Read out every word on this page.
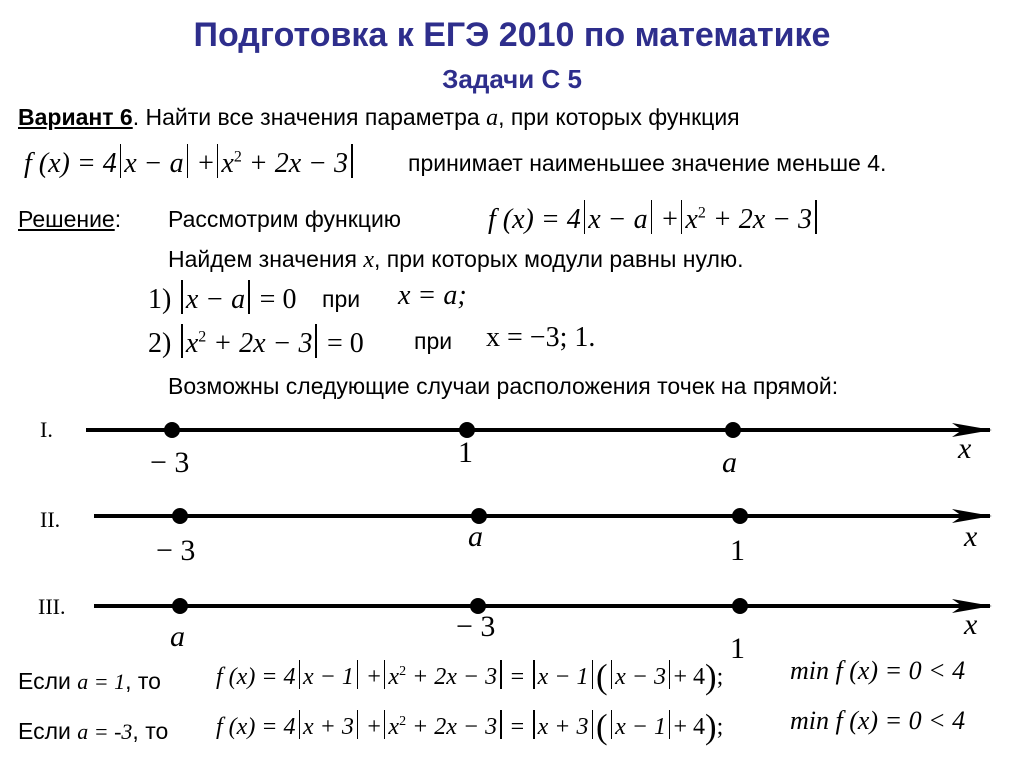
Подготовка к ЕГЭ 2010 по математике
Задачи С 5
Вариант 6. Найти все значения параметра a, при которых функция
f (x) = 4 $x - a + x^2 + 2x - 3$	принимает наименьшее значение меньше 4.
Решение: Рассмотрим функцию	f (x) = 4 $x - a + x^2 + 2x - 3$
Найдем значения x, при которых модули равны нулю.
1) x − a = 0 при x = a;
2) $x^2 + 2x - 3 = 0$ при x = −3; 1.
Возможны следующие случаи расположения точек на прямой:
I.
− 3	1	a	x
II.
− 3	a	1	x
III.
a	− 3
1
x
Если a = 1, то f (x) = 4 $x - 1 + x^2 + 2x - 3 = x - 1$ ( x − 3 + 4);	min f (x) = 0 < 4
Если a = -3, то f (x) = 4 $x + 3 + x^2 + 2x - 3 = x + 3$ ( x − 1 + 4);	min f (x) = 0 < 4
